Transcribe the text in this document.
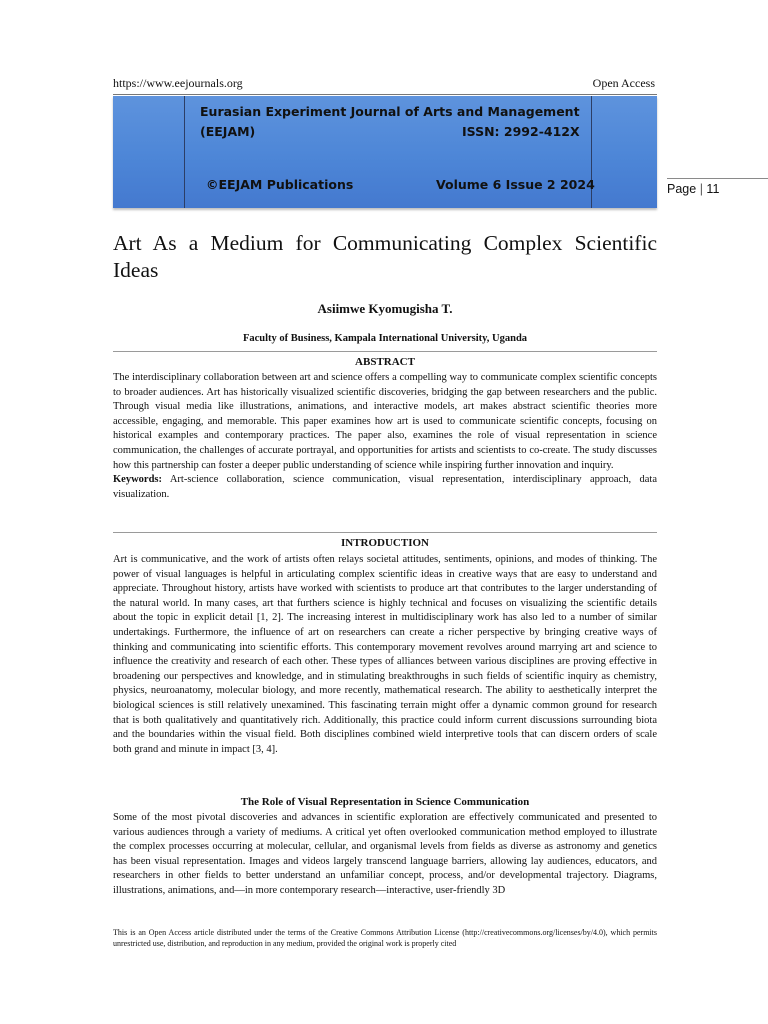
https://www.eejournals.org	Open Access
Eurasian Experiment Journal of Arts and Management
(EEJAM)	ISSN: 2992-412X
©EEJAM Publications	Volume 6 Issue 2 2024	Page | 11
Art As a Medium for Communicating Complex Scientific Ideas
Asiimwe Kyomugisha T.
Faculty of Business, Kampala International University, Uganda
ABSTRACT

The interdisciplinary collaboration between art and science offers a compelling way to communicate complex scientific concepts to broader audiences. Art has historically visualized scientific discoveries, bridging the gap between researchers and the public. Through visual media like illustrations, animations, and interactive models, art makes abstract scientific theories more accessible, engaging, and memorable. This paper examines how art is used to communicate scientific concepts, focusing on historical examples and contemporary practices. The paper also, examines the role of visual representation in science communication, the challenges of accurate portrayal, and opportunities for artists and scientists to co-create. The study discusses how this partnership can foster a deeper public understanding of science while inspiring further innovation and inquiry.

Keywords: Art-science collaboration, science communication, visual representation, interdisciplinary approach, data visualization.

INTRODUCTION

Art is communicative, and the work of artists often relays societal attitudes, sentiments, opinions, and modes of thinking. The power of visual languages is helpful in articulating complex scientific ideas in creative ways that are easy to understand and appreciate. Throughout history, artists have worked with scientists to produce art that contributes to the larger understanding of the natural world. In many cases, art that furthers science is highly technical and focuses on visualizing the scientific details about the topic in explicit detail [1, 2]. The increasing interest in multidisciplinary work has also led to a number of similar undertakings. Furthermore, the influence of art on researchers can create a richer perspective by bringing creative ways of thinking and communicating into scientific efforts. This contemporary movement revolves around marrying art and science to influence the creativity and research of each other. These types of alliances between various disciplines are proving effective in broadening our perspectives and knowledge, and in stimulating breakthroughs in such fields of scientific inquiry as chemistry, physics, neuroanatomy, molecular biology, and more recently, mathematical research. The ability to aesthetically interpret the biological sciences is still relatively unexamined. This fascinating terrain might offer a dynamic common ground for research that is both qualitatively and quantitatively rich. Additionally, this practice could inform current discussions surrounding biota and the boundaries within the visual field. Both disciplines combined wield interpretive tools that can discern orders of scale both grand and minute in impact [3, 4].

The Role of Visual Representation in Science Communication

Some of the most pivotal discoveries and advances in scientific exploration are effectively communicated and presented to various audiences through a variety of mediums. A critical yet often overlooked communication method employed to illustrate the complex processes occurring at molecular, cellular, and organismal levels from fields as diverse as astronomy and genetics has been visual representation. Images and videos largely transcend language barriers, allowing lay audiences, educators, and researchers in other fields to better understand an unfamiliar concept, process, and/or developmental trajectory. Diagrams, illustrations, animations, and—in more contemporary research—interactive, user-friendly 3D

This is an Open Access article distributed under the terms of the Creative Commons Attribution License (http://creativecommons.org/licenses/by/4.0), which permits unrestricted use, distribution, and reproduction in any medium, provided the original work is properly cited
